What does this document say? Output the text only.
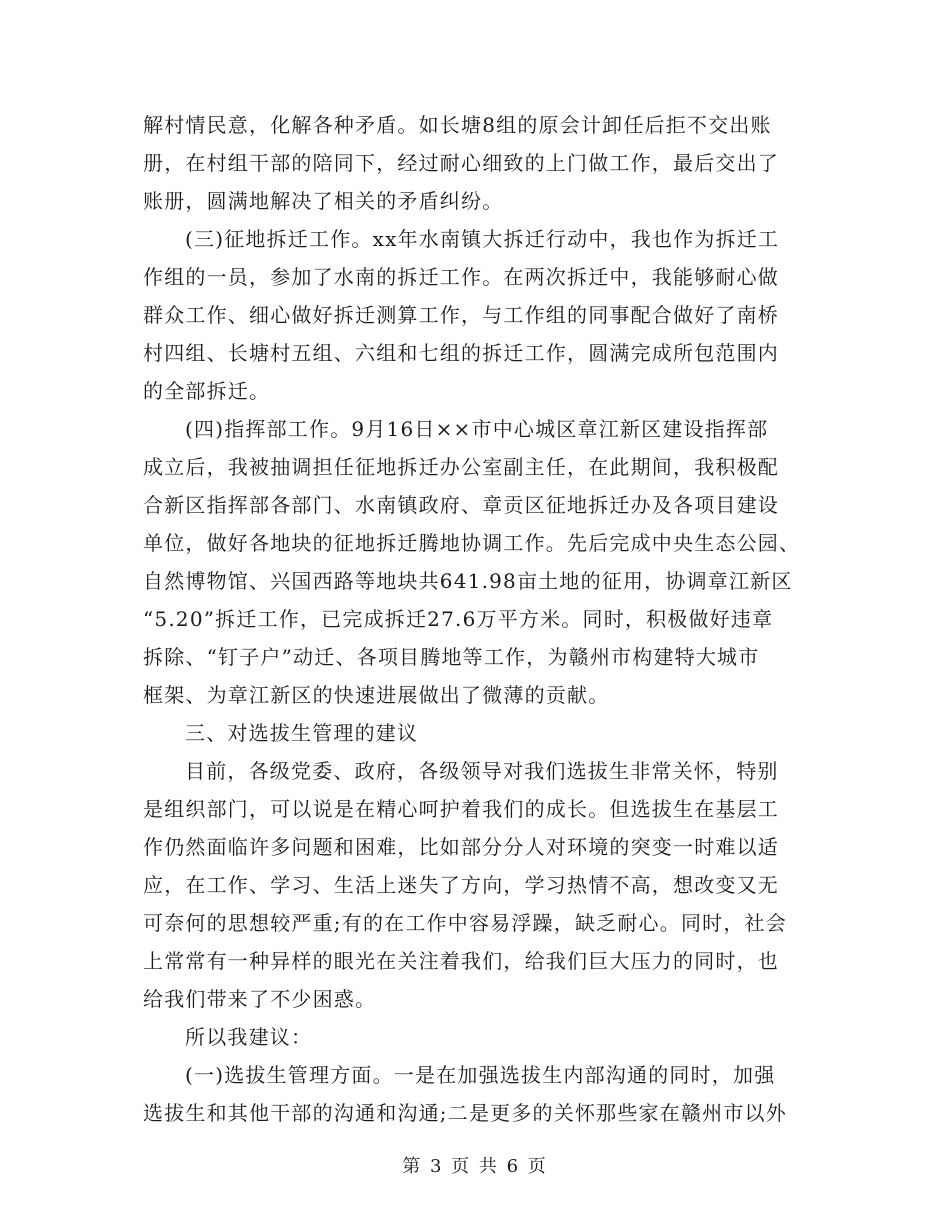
解村情民意，化解各种矛盾。如长塘8组的原会计卸任后拒不交出账
册，在村组干部的陪同下，经过耐心细致的上门做工作，最后交出了
账册，圆满地解决了相关的矛盾纠纷。
(三)征地拆迁工作。xx年水南镇大拆迁行动中，我也作为拆迁工
作组的一员，参加了水南的拆迁工作。在两次拆迁中，我能够耐心做
群众工作、细心做好拆迁测算工作，与工作组的同事配合做好了南桥
村四组、长塘村五组、六组和七组的拆迁工作，圆满完成所包范围内
的全部拆迁。
(四)指挥部工作。9月16日××市中心城区章江新区建设指挥部
成立后，我被抽调担任征地拆迁办公室副主任，在此期间，我积极配
合新区指挥部各部门、水南镇政府、章贡区征地拆迁办及各项目建设
单位，做好各地块的征地拆迁腾地协调工作。先后完成中央生态公园、
自然博物馆、兴国西路等地块共641.98亩土地的征用，协调章江新区
“5.20”拆迁工作，已完成拆迁27.6万平方米。同时，积极做好违章
拆除、“钉子户”动迁、各项目腾地等工作，为赣州市构建特大城市
框架、为章江新区的快速进展做出了微薄的贡献。
三、对选拔生管理的建议
目前，各级党委、政府，各级领导对我们选拔生非常关怀，特别
是组织部门，可以说是在精心呵护着我们的成长。但选拔生在基层工
作仍然面临许多问题和困难，比如部分分人对环境的突变一时难以适
应，在工作、学习、生活上迷失了方向，学习热情不高，想改变又无
可奈何的思想较严重;有的在工作中容易浮躁，缺乏耐心。同时，社会
上常常有一种异样的眼光在关注着我们，给我们巨大压力的同时，也
给我们带来了不少困惑。
所以我建议：
(一)选拔生管理方面。一是在加强选拔生内部沟通的同时，加强
选拔生和其他干部的沟通和沟通;二是更多的关怀那些家在赣州市以外
第 3 页 共 6 页
